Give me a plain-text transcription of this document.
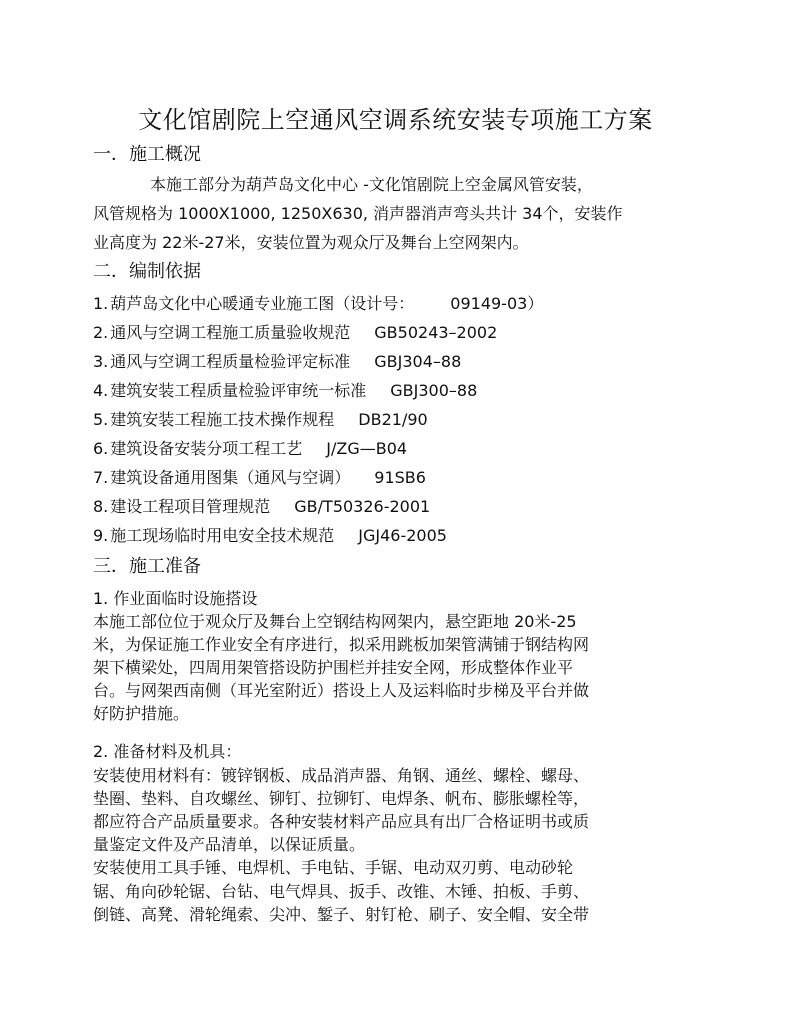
文化馆剧院上空通风空调系统安装专项施工方案
一．施工概况
本施工部分为葫芦岛文化中心 -文化馆剧院上空金属风管安装，
风管规格为 1000X1000, 1250X630, 消声器消声弯头共计 34个，安装作
业高度为 22米-27米，安装位置为观众厅及舞台上空网架内。
二．编制依据
1. 葫芦岛文化中心暖通专业施工图（设计号： 09149-03）
2. 通风与空调工程施工质量验收规范 GB50243–2002
3. 通风与空调工程质量检验评定标准 GBJ304–88
4. 建筑安装工程质量检验评审统一标准 GBJ300–88
5. 建筑安装工程施工技术操作规程 DB21/90
6. 建筑设备安装分项工程工艺 J/ZG—B04
7. 建筑设备通用图集（通风与空调） 91SB6
8. 建设工程项目管理规范 GB/T50326-2001
9. 施工现场临时用电安全技术规范 JGJ46-2005
三．施工准备
1. 作业面临时设施搭设
本施工部位位于观众厅及舞台上空钢结构网架内，悬空距地 20米-25
米，为保证施工作业安全有序进行，拟采用跳板加架管满铺于钢结构网
架下横梁处，四周用架管搭设防护围栏并挂安全网，形成整体作业平
台。与网架西南侧（耳光室附近）搭设上人及运料临时步梯及平台并做
好防护措施。
2. 准备材料及机具：
安装使用材料有：镀锌钢板、成品消声器、角钢、通丝、螺栓、螺母、
垫圈、垫料、自攻螺丝、铆钉、拉铆钉、电焊条、帆布、膨胀螺栓等，
都应符合产品质量要求。各种安装材料产品应具有出厂合格证明书或质
量鉴定文件及产品清单，以保证质量。
安装使用工具手锤、电焊机、手电钻、手锯、电动双刃剪、电动砂轮
锯、角向砂轮锯、台钻、电气焊具、扳手、改锥、木锤、拍板、手剪、
倒链、高凳、滑轮绳索、尖冲、錾子、射钉枪、刷子、安全帽、安全带
